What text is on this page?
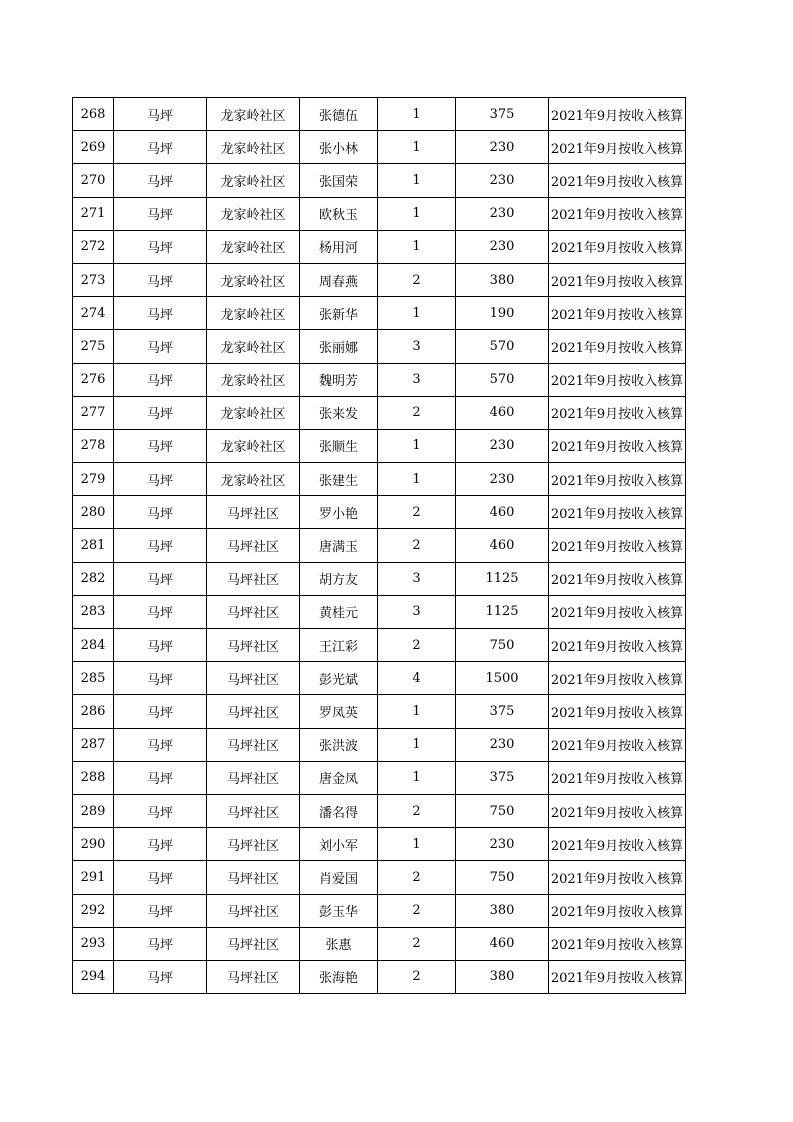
268	马坪	龙家岭社区	张德伍	1	375	2021年9月按收入核算
269	马坪	龙家岭社区	张小林	1	230	2021年9月按收入核算
270	马坪	龙家岭社区	张国荣	1	230	2021年9月按收入核算
271	马坪	龙家岭社区	欧秋玉	1	230	2021年9月按收入核算
272	马坪	龙家岭社区	杨用河	1	230	2021年9月按收入核算
273	马坪	龙家岭社区	周春燕	2	380	2021年9月按收入核算
274	马坪	龙家岭社区	张新华	1	190	2021年9月按收入核算
275	马坪	龙家岭社区	张丽娜	3	570	2021年9月按收入核算
276	马坪	龙家岭社区	魏明芳	3	570	2021年9月按收入核算
277	马坪	龙家岭社区	张来发	2	460	2021年9月按收入核算
278	马坪	龙家岭社区	张顺生	1	230	2021年9月按收入核算
279	马坪	龙家岭社区	张建生	1	230	2021年9月按收入核算
280	马坪	马坪社区	罗小艳	2	460	2021年9月按收入核算
281	马坪	马坪社区	唐满玉	2	460	2021年9月按收入核算
282	马坪	马坪社区	胡方友	3	1125	2021年9月按收入核算
283	马坪	马坪社区	黄桂元	3	1125	2021年9月按收入核算
284	马坪	马坪社区	王江彩	2	750	2021年9月按收入核算
285	马坪	马坪社区	彭光斌	4	1500	2021年9月按收入核算
286	马坪	马坪社区	罗凤英	1	375	2021年9月按收入核算
287	马坪	马坪社区	张洪波	1	230	2021年9月按收入核算
288	马坪	马坪社区	唐金凤	1	375	2021年9月按收入核算
289	马坪	马坪社区	潘名得	2	750	2021年9月按收入核算
290	马坪	马坪社区	刘小军	1	230	2021年9月按收入核算
291	马坪	马坪社区	肖爱国	2	750	2021年9月按收入核算
292	马坪	马坪社区	彭玉华	2	380	2021年9月按收入核算
293	马坪	马坪社区	张惠	2	460	2021年9月按收入核算
294	马坪	马坪社区	张海艳	2	380	2021年9月按收入核算
